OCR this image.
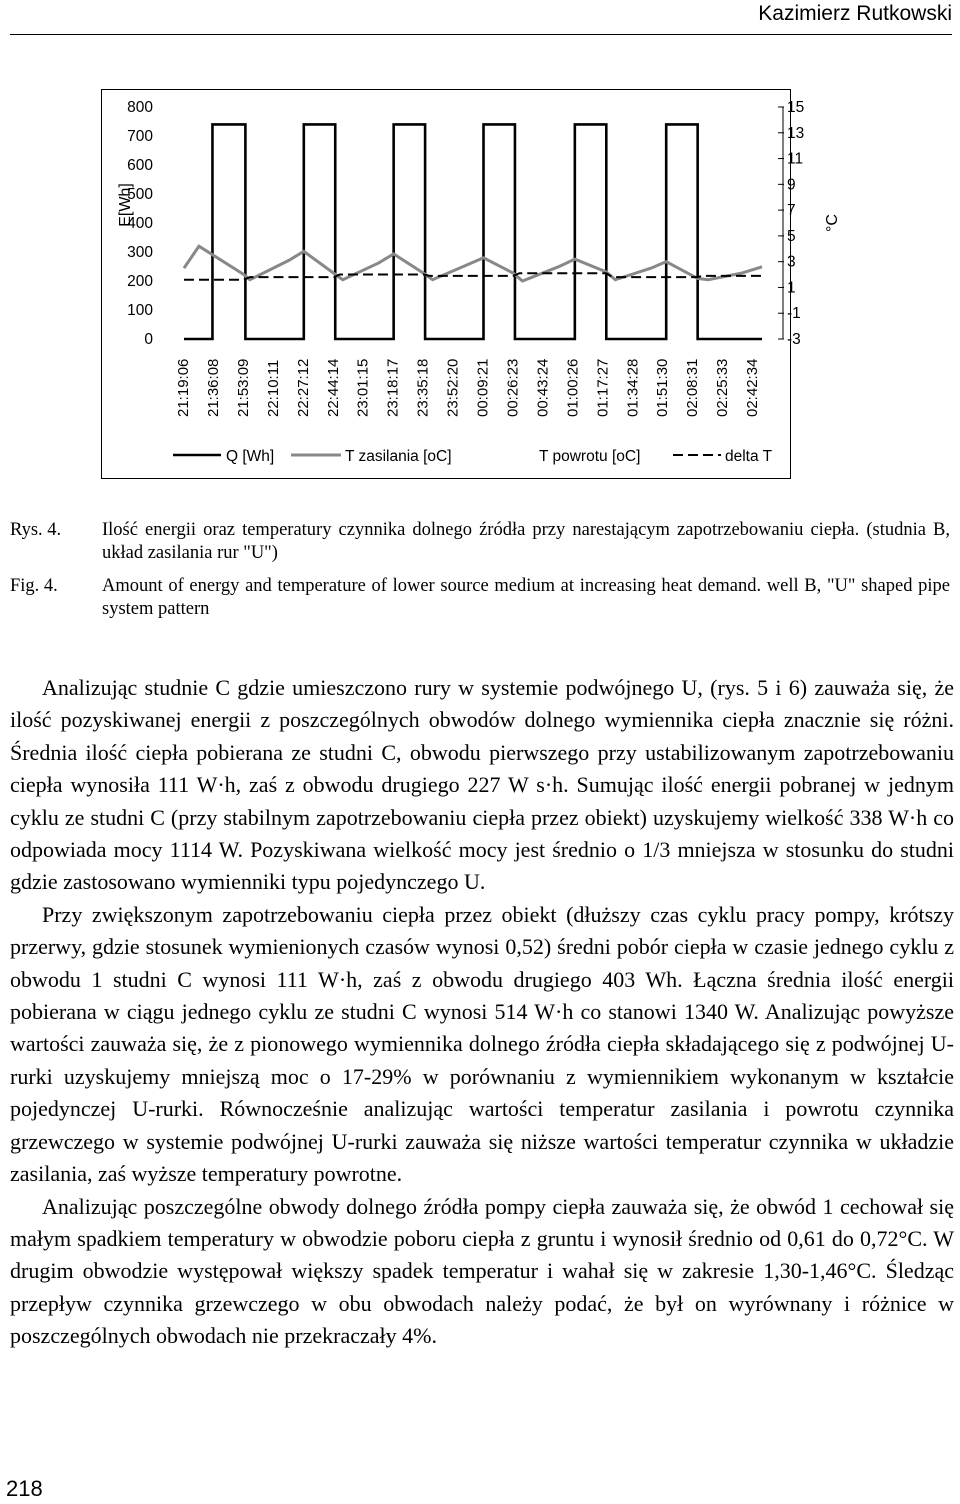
Kazimierz Rutkowski
E[Wh]
800
700
600
500
400
300
200
100
0
15
13
11
9
7
5
3
1
-1
-3
°C
21:19:06 21:36:08 21:53:09 22:10:11 22:27:12 22:44:14 23:01:15 23:18:17 23:35:18 23:52:20 00:09:21 00:26:23 00:43:24 01:00:26 01:17:27 01:34:28 01:51:30 02:08:31 02:25:33 02:42:34
Q [Wh]	T zasilania [oC]	T powrotu [oC]	delta T
Rys. 4. Ilość energii oraz temperatury czynnika dolnego źródła przy narestającym zapotrzebowaniu ciepła. (studnia B, układ zasilania rur "U")
Fig. 4. Amount of energy and temperature of lower source medium at increasing heat demand. well B, "U" shaped pipe system pattern

Analizując studnie C gdzie umieszczono rury w systemie podwójnego U, (rys. 5 i 6) zauważa się, że ilość pozyskiwanej energii z poszczególnych obwodów dolnego wymiennika ciepła znacznie się różni. Średnia ilość ciepła pobierana ze studni C, obwodu pierwszego przy ustabilizowanym zapotrzebowaniu ciepła wynosiła 111 W·h, zaś z obwodu drugiego 227 W s·h. Sumując ilość energii pobranej w jednym cyklu ze studni C (przy stabilnym zapotrzebowaniu ciepła przez obiekt) uzyskujemy wielkość 338 W·h co odpowiada mocy 1114 W. Pozyskiwana wielkość mocy jest średnio o 1/3 mniejsza w stosunku do studni gdzie zastosowano wymienniki typu pojedynczego U.

Przy zwiększonym zapotrzebowaniu ciepła przez obiekt (dłuższy czas cyklu pracy pompy, krótszy przerwy, gdzie stosunek wymienionych czasów wynosi 0,52) średni pobór ciepła w czasie jednego cyklu z obwodu 1 studni C wynosi 111 W·h, zaś z obwodu drugiego 403 Wh. Łączna średnia ilość energii pobierana w ciągu jednego cyklu ze studni C wynosi 514 W·h co stanowi 1340 W. Analizując powyższe wartości zauważa się, że z pionowego wymiennika dolnego źródła ciepła składającego się z podwójnej U-rurki uzyskujemy mniejszą moc o 17-29% w porównaniu z wymiennikiem wykonanym w kształcie pojedynczej U-rurki. Równocześnie analizując wartości temperatur zasilania i powrotu czynnika grzewczego w systemie podwójnej U-rurki zauważa się niższe wartości temperatur czynnika w układzie zasilania, zaś wyższe temperatury powrotne.

Analizując poszczególne obwody dolnego źródła pompy ciepła zauważa się, że obwód 1 cechował się małym spadkiem temperatury w obwodzie poboru ciepła z gruntu i wynosił średnio od 0,61 do 0,72°C. W drugim obwodzie występował większy spadek temperatur i wahał się w zakresie 1,30-1,46°C. Śledząc przepływ czynnika grzewczego w obu obwodach należy podać, że był on wyrównany i różnice w poszczególnych obwodach nie przekraczały 4%.

218
